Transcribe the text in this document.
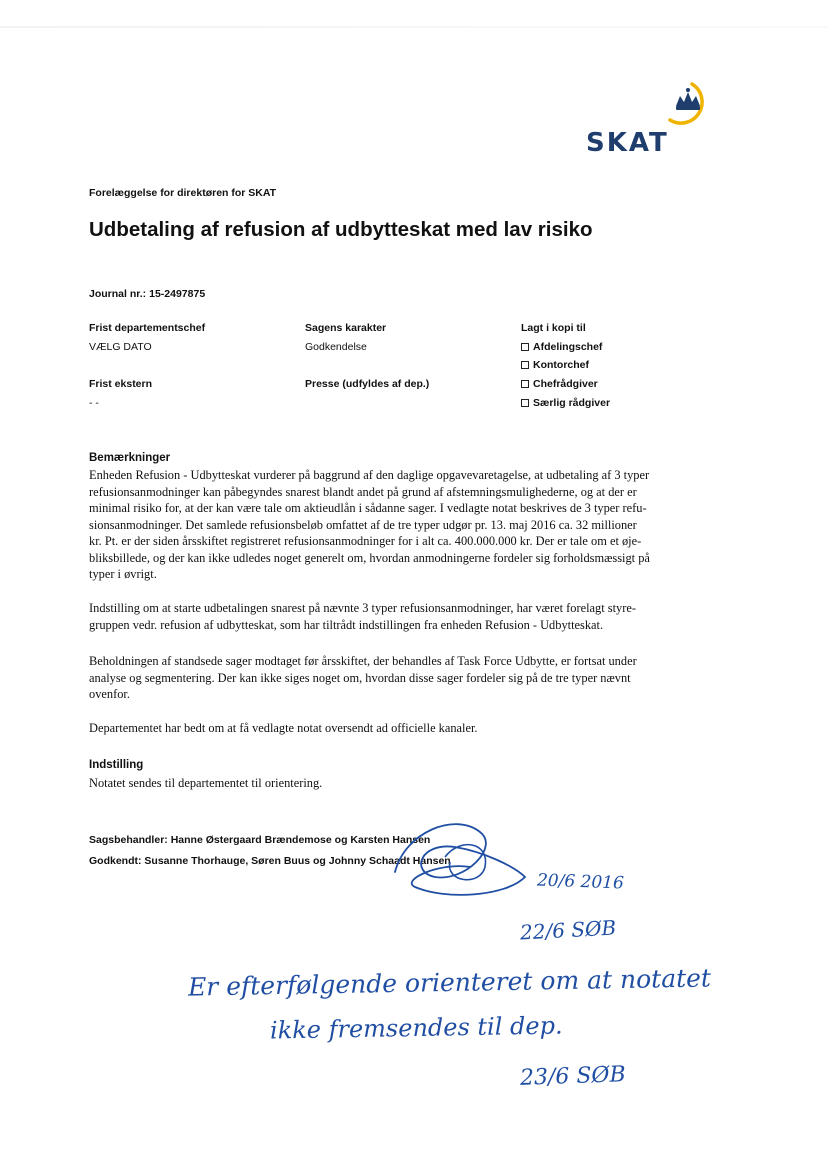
SKAT
Forelæggelse for direktøren for SKAT
Udbetaling af refusion af udbytteskat med lav risiko
Journal nr.: 15-2497875
Frist departementschef
VÆLG DATO
Sagens karakter
Godkendelse
Frist ekstern
- -
Presse (udfyldes af dep.)
Lagt i kopi til
Afdelingschef
Kontorchef
Chefrådgiver
Særlig rådgiver
Bemærkninger
Enheden Refusion - Udbytteskat vurderer på baggrund af den daglige opgavevaretagelse, at udbetaling af 3 typer
refusionsanmodninger kan påbegyndes snarest blandt andet på grund af afstemningsmulighederne, og at der er
minimal risiko for, at der kan være tale om aktieudlån i sådanne sager. I vedlagte notat beskrives de 3 typer refu-
sionsanmodninger. Det samlede refusionsbeløb omfattet af de tre typer udgør pr. 13. maj 2016 ca. 32 millioner
kr. Pt. er der siden årsskiftet registreret refusionsanmodninger for i alt ca. 400.000.000 kr. Der er tale om et øje-
bliksbillede, og der kan ikke udledes noget generelt om, hvordan anmodningerne fordeler sig forholdsmæssigt på
typer i øvrigt.
Indstilling om at starte udbetalingen snarest på nævnte 3 typer refusionsanmodninger, har været forelagt styre-
gruppen vedr. refusion af udbytteskat, som har tiltrådt indstillingen fra enheden Refusion - Udbytteskat.
Beholdningen af standsede sager modtaget før årsskiftet, der behandles af Task Force Udbytte, er fortsat under
analyse og segmentering. Der kan ikke siges noget om, hvordan disse sager fordeler sig på de tre typer nævnt
ovenfor.
Departementet har bedt om at få vedlagte notat oversendt ad officielle kanaler.
Indstilling
Notatet sendes til departementet til orientering.
Sagsbehandler: Hanne Østergaard Brændemose og Karsten Hansen
Godkendt: Susanne Thorhauge, Søren Buus og Johnny Schaadt Hansen
20/6 2016
22/6 SØB
Er efterfølgende orienteret om at notatet
ikke fremsendes til dep.
23/6 SØB
